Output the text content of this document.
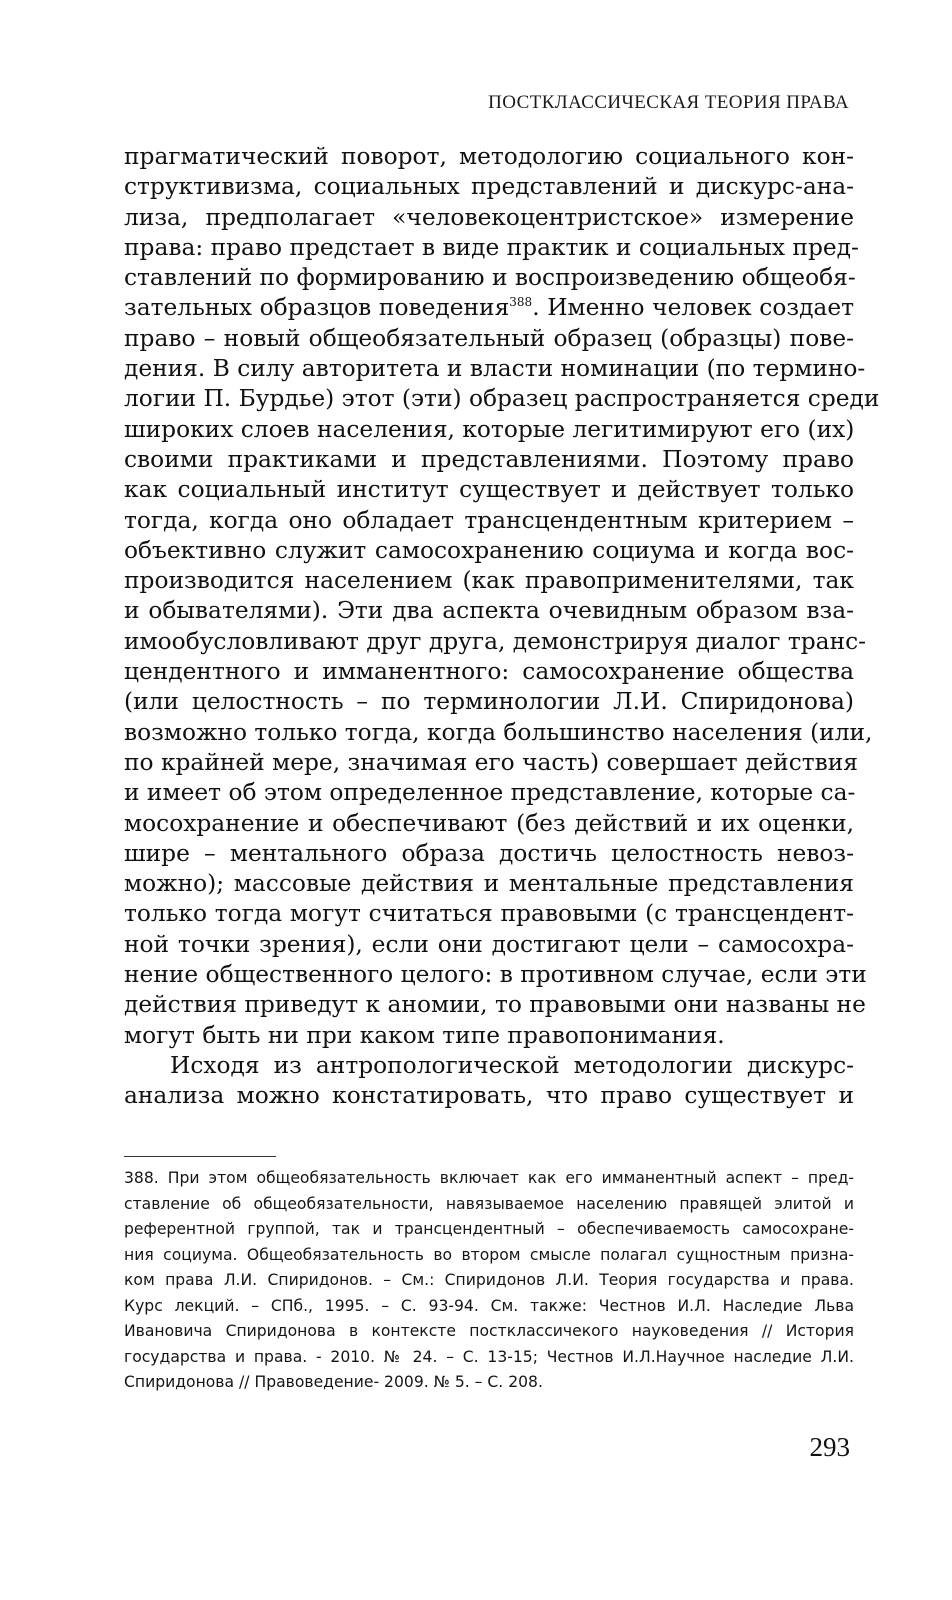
ПОСТКЛАССИЧЕСКАЯ ТЕОРИЯ ПРАВА
прагматический поворот, методологию социального кон-
структивизма, социальных представлений и дискурс-ана-
лиза, предполагает «человекоцентристское» измерение
права: право предстает в виде практик и социальных пред-
ставлений по формированию и воспроизведению общеобя-
зательных образцов поведения$^{388}$. Именно человек создает
право – новый общеобязательный образец (образцы) пове-
дения. В силу авторитета и власти номинации (по термино-
логии П. Бурдье) этот (эти) образец распространяется среди
широких слоев населения, которые легитимируют его (их)
своими практиками и представлениями. Поэтому право
как социальный институт существует и действует только
тогда, когда оно обладает трансцендентным критерием –
объективно служит самосохранению социума и когда вос-
производится населением (как правоприменителями, так
и обывателями). Эти два аспекта очевидным образом вза-
имообусловливают друг друга, демонстрируя диалог транс-
цендентного и имманентного: самосохранение общества
(или целостность – по терминологии Л.И. Спиридонова)
возможно только тогда, когда большинство населения (или,
по крайней мере, значимая его часть) совершает действия
и имеет об этом определенное представление, которые са-
мосохранение и обеспечивают (без действий и их оценки,
шире – ментального образа достичь целостность невоз-
можно); массовые действия и ментальные представления
только тогда могут считаться правовыми (с трансцендент-
ной точки зрения), если они достигают цели – самосохра-
нение общественного целого: в противном случае, если эти
действия приведут к аномии, то правовыми они названы не
могут быть ни при каком типе правопонимания.
Исходя из антропологической методологии дискурс-
анализа можно констатировать, что право существует и
388. При этом общеобязательность включает как его имманентный аспект – пред-
ставление об общеобязательности, навязываемое населению правящей элитой и
референтной группой, так и трансцендентный – обеспечиваемость самосохране-
ния социума. Общеобязательность во втором смысле полагал сущностным призна-
ком права Л.И. Спиридонов. – См.: Спиридонов Л.И. Теория государства и права.
Курс лекций. – СПб., 1995. – С. 93-94. См. также: Честнов И.Л. Наследие Льва
Ивановича Спиридонова в контексте постклассичекого науковедения // История
государства и права. - 2010. № 24. – С. 13-15; Честнов И.Л.Научное наследие Л.И.
Спиридонова // Правоведение- 2009. № 5. – С. 208.
293
